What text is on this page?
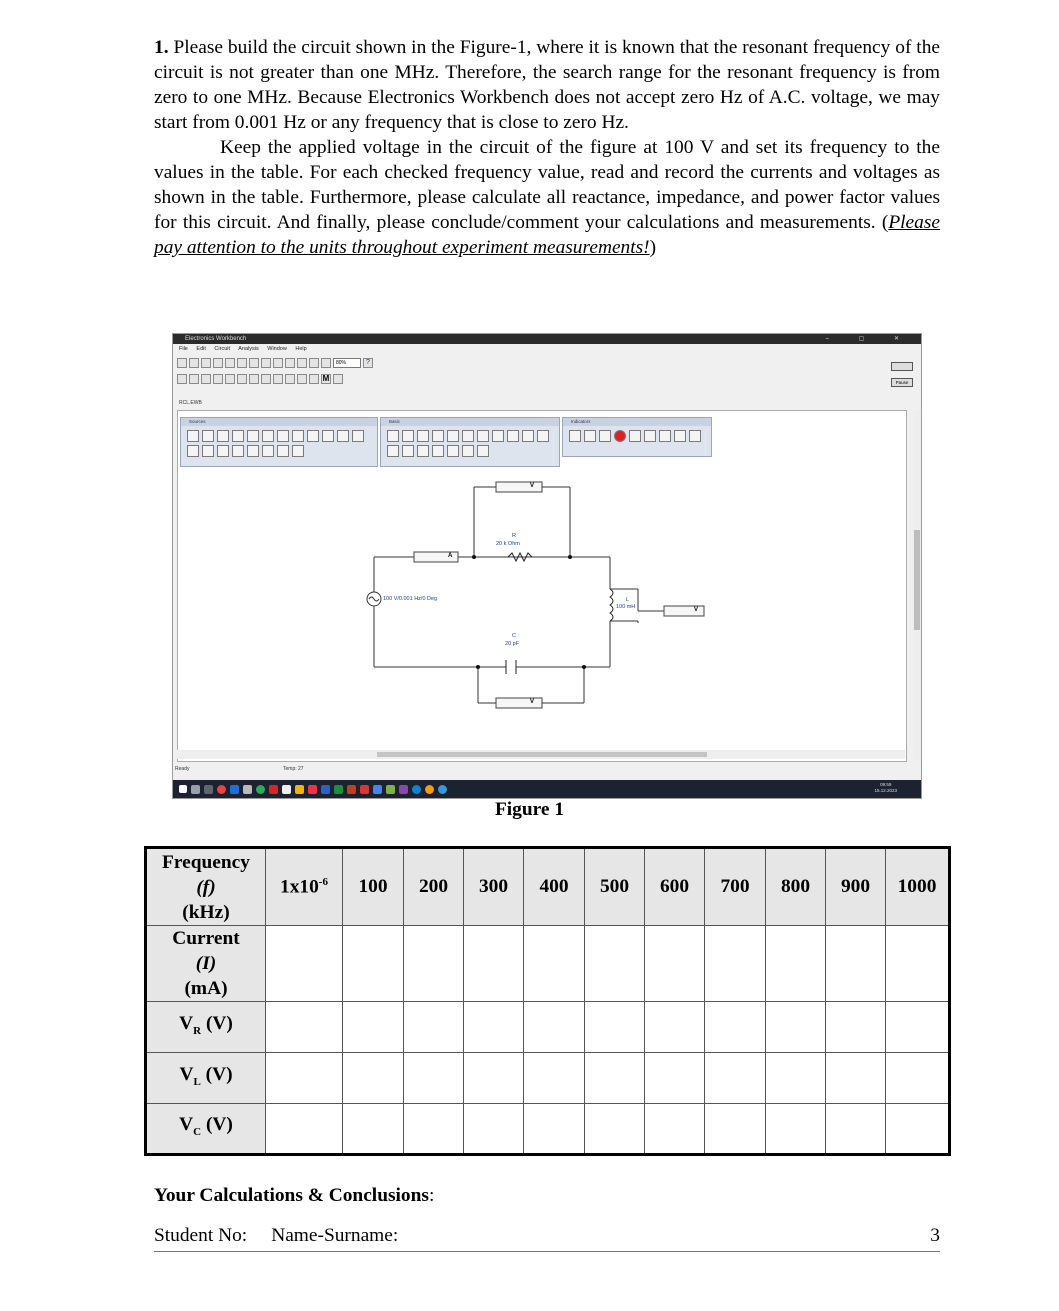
1. Please build the circuit shown in the Figure-1, where it is known that the resonant frequency of the circuit is not greater than one MHz. Therefore, the search range for the resonant frequency is from zero to one MHz. Because Electronics Workbench does not accept zero Hz of A.C. voltage, we may start from 0.001 Hz or any frequency that is close to zero Hz.

Keep the applied voltage in the circuit of the figure at 100 V and set its frequency to the values in the table. For each checked frequency value, read and record the currents and voltages as shown in the table. Furthermore, please calculate all reactance, impedance, and power factor values for this circuit. And finally, please conclude/comment your calculations and measurements. (Please pay attention to the units throughout experiment measurements!)

Electronics Workbench	– ▢ ✕
File Edit Circuit Analysis Window Help
80%	?
M	Pause
RCL.EWB
Sources	Basic	Indicators
V
A
V
V
R
20 k Ohm
L
100 mH
C
20 pF
100 V/0.001 Hz/0 Deg
Ready	Temp: 27
09:59
15.12.2023
Figure 1
Frequency
(f)
(kHz)	$1x10^{-6}$	100	200	300	400	500	600	700	800	900	1000

Current
(I)
(mA)											

$V_R$ (V)											
$V_L$ (V)											
$V_C$ (V)											
Your Calculations & Conclusions:
Student No: Name-Surname:	3
